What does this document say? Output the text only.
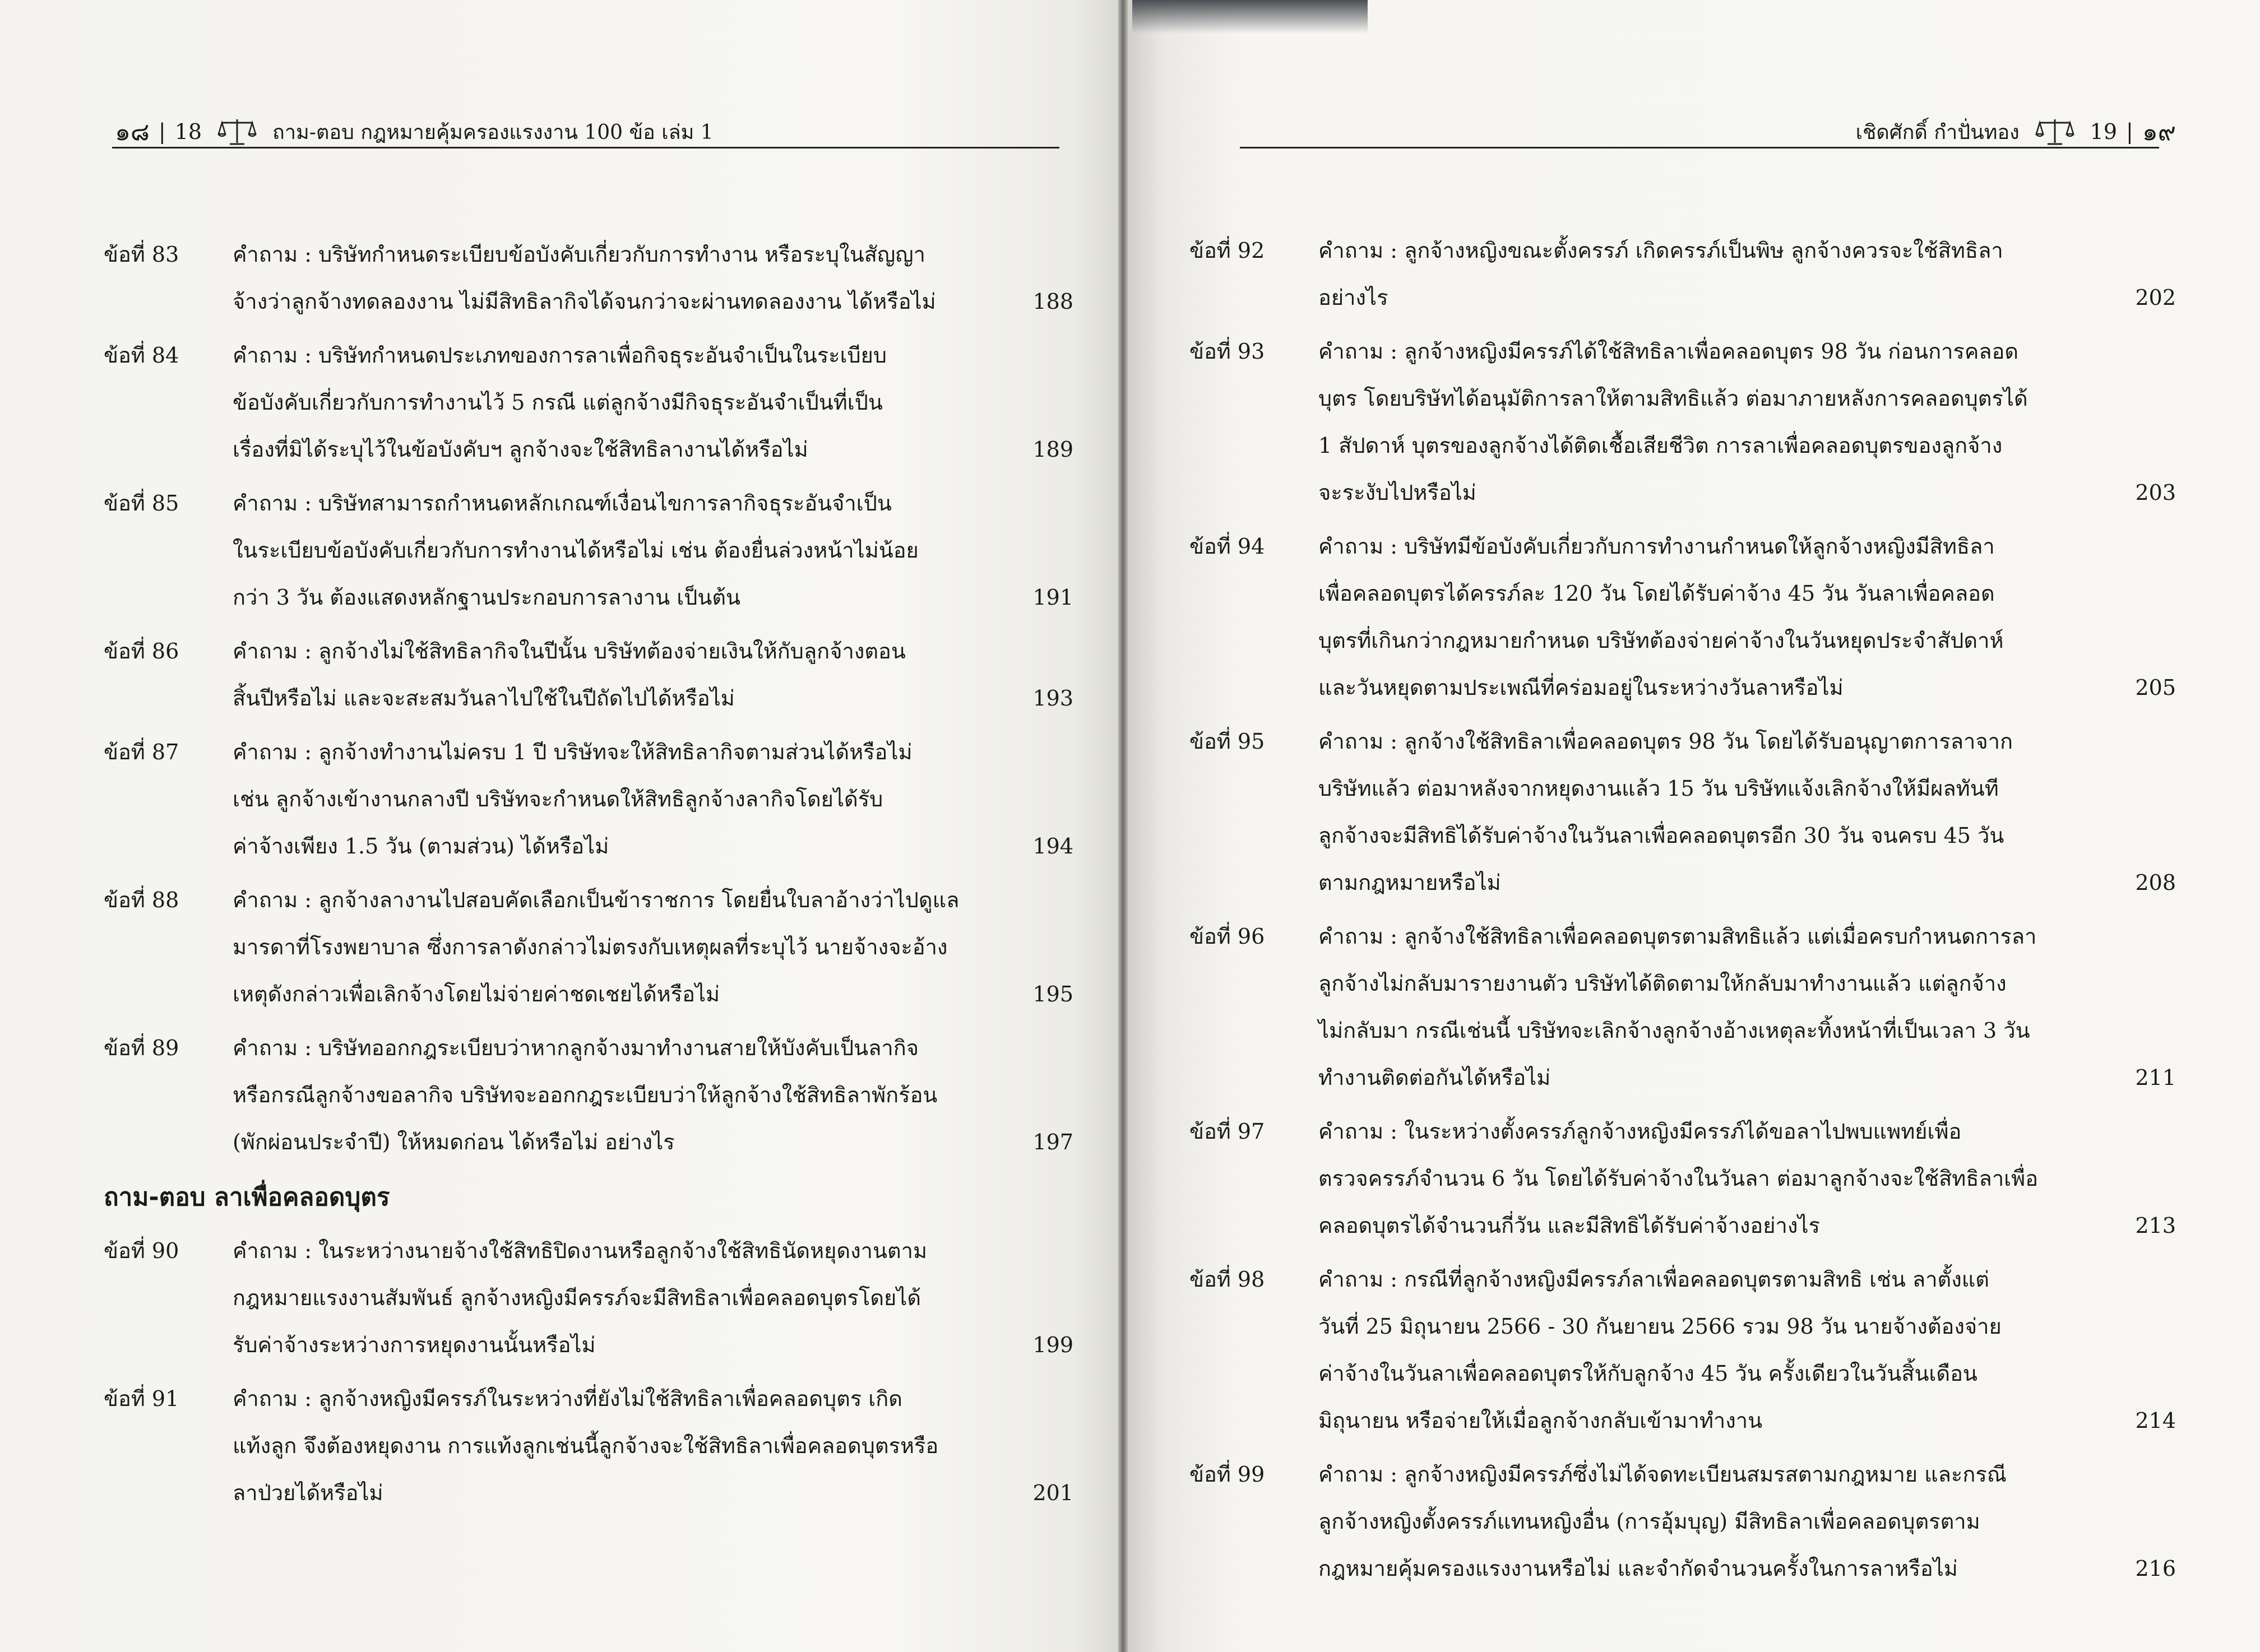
๑๘ | 18	ถาม-ตอบ กฎหมายคุ้มครองแรงงาน 100 ข้อ เล่ม 1
ข้อที่ 83	คำถาม : บริษัทกำหนดระเบียบข้อบังคับเกี่ยวกับการทำงาน หรือระบุในสัญญา
จ้างว่าลูกจ้างทดลองงาน ไม่มีสิทธิลากิจได้จนกว่าจะผ่านทดลองงาน ได้หรือไม่	188
ข้อที่ 84	คำถาม : บริษัทกำหนดประเภทของการลาเพื่อกิจธุระอันจำเป็นในระเบียบ
ข้อบังคับเกี่ยวกับการทำงานไว้ 5 กรณี แต่ลูกจ้างมีกิจธุระอันจำเป็นที่เป็น
เรื่องที่มิได้ระบุไว้ในข้อบังคับฯ ลูกจ้างจะใช้สิทธิลางานได้หรือไม่	189
ข้อที่ 85	คำถาม : บริษัทสามารถกำหนดหลักเกณฑ์เงื่อนไขการลากิจธุระอันจำเป็น
ในระเบียบข้อบังคับเกี่ยวกับการทำงานได้หรือไม่ เช่น ต้องยื่นล่วงหน้าไม่น้อย
กว่า 3 วัน ต้องแสดงหลักฐานประกอบการลางาน เป็นต้น	191
ข้อที่ 86	คำถาม : ลูกจ้างไม่ใช้สิทธิลากิจในปีนั้น บริษัทต้องจ่ายเงินให้กับลูกจ้างตอน
สิ้นปีหรือไม่ และจะสะสมวันลาไปใช้ในปีถัดไปได้หรือไม่	193
ข้อที่ 87	คำถาม : ลูกจ้างทำงานไม่ครบ 1 ปี บริษัทจะให้สิทธิลากิจตามส่วนได้หรือไม่
เช่น ลูกจ้างเข้างานกลางปี บริษัทจะกำหนดให้สิทธิลูกจ้างลากิจโดยได้รับ
ค่าจ้างเพียง 1.5 วัน (ตามส่วน) ได้หรือไม่	194
ข้อที่ 88	คำถาม : ลูกจ้างลางานไปสอบคัดเลือกเป็นข้าราชการ โดยยื่นใบลาอ้างว่าไปดูแล
มารดาที่โรงพยาบาล ซึ่งการลาดังกล่าวไม่ตรงกับเหตุผลที่ระบุไว้ นายจ้างจะอ้าง
เหตุดังกล่าวเพื่อเลิกจ้างโดยไม่จ่ายค่าชดเชยได้หรือไม่	195
ข้อที่ 89	คำถาม : บริษัทออกกฎระเบียบว่าหากลูกจ้างมาทำงานสายให้บังคับเป็นลากิจ
หรือกรณีลูกจ้างขอลากิจ บริษัทจะออกกฎระเบียบว่าให้ลูกจ้างใช้สิทธิลาพักร้อน
(พักผ่อนประจำปี) ให้หมดก่อน ได้หรือไม่ อย่างไร	197
ถาม-ตอบ ลาเพื่อคลอดบุตร
ข้อที่ 90	คำถาม : ในระหว่างนายจ้างใช้สิทธิปิดงานหรือลูกจ้างใช้สิทธินัดหยุดงานตาม
กฎหมายแรงงานสัมพันธ์ ลูกจ้างหญิงมีครรภ์จะมีสิทธิลาเพื่อคลอดบุตรโดยได้
รับค่าจ้างระหว่างการหยุดงานนั้นหรือไม่	199
ข้อที่ 91	คำถาม : ลูกจ้างหญิงมีครรภ์ในระหว่างที่ยังไม่ใช้สิทธิลาเพื่อคลอดบุตร เกิด
แท้งลูก จึงต้องหยุดงาน การแท้งลูกเช่นนี้ลูกจ้างจะใช้สิทธิลาเพื่อคลอดบุตรหรือ
ลาป่วยได้หรือไม่	201
เชิดศักดิ์ กำปั่นทอง	19 | ๑๙
ข้อที่ 92	คำถาม : ลูกจ้างหญิงขณะตั้งครรภ์ เกิดครรภ์เป็นพิษ ลูกจ้างควรจะใช้สิทธิลา
อย่างไร	202
ข้อที่ 93	คำถาม : ลูกจ้างหญิงมีครรภ์ได้ใช้สิทธิลาเพื่อคลอดบุตร 98 วัน ก่อนการคลอด
บุตร โดยบริษัทได้อนุมัติการลาให้ตามสิทธิแล้ว ต่อมาภายหลังการคลอดบุตรได้
1 สัปดาห์ บุตรของลูกจ้างได้ติดเชื้อเสียชีวิต การลาเพื่อคลอดบุตรของลูกจ้าง
จะระงับไปหรือไม่	203
ข้อที่ 94	คำถาม : บริษัทมีข้อบังคับเกี่ยวกับการทำงานกำหนดให้ลูกจ้างหญิงมีสิทธิลา
เพื่อคลอดบุตรได้ครรภ์ละ 120 วัน โดยได้รับค่าจ้าง 45 วัน วันลาเพื่อคลอด
บุตรที่เกินกว่ากฎหมายกำหนด บริษัทต้องจ่ายค่าจ้างในวันหยุดประจำสัปดาห์
และวันหยุดตามประเพณีที่คร่อมอยู่ในระหว่างวันลาหรือไม่	205
ข้อที่ 95	คำถาม : ลูกจ้างใช้สิทธิลาเพื่อคลอดบุตร 98 วัน โดยได้รับอนุญาตการลาจาก
บริษัทแล้ว ต่อมาหลังจากหยุดงานแล้ว 15 วัน บริษัทแจ้งเลิกจ้างให้มีผลทันที
ลูกจ้างจะมีสิทธิได้รับค่าจ้างในวันลาเพื่อคลอดบุตรอีก 30 วัน จนครบ 45 วัน
ตามกฎหมายหรือไม่	208
ข้อที่ 96	คำถาม : ลูกจ้างใช้สิทธิลาเพื่อคลอดบุตรตามสิทธิแล้ว แต่เมื่อครบกำหนดการลา
ลูกจ้างไม่กลับมารายงานตัว บริษัทได้ติดตามให้กลับมาทำงานแล้ว แต่ลูกจ้าง
ไม่กลับมา กรณีเช่นนี้ บริษัทจะเลิกจ้างลูกจ้างอ้างเหตุละทิ้งหน้าที่เป็นเวลา 3 วัน
ทำงานติดต่อกันได้หรือไม่	211
ข้อที่ 97	คำถาม : ในระหว่างตั้งครรภ์ลูกจ้างหญิงมีครรภ์ได้ขอลาไปพบแพทย์เพื่อ
ตรวจครรภ์จำนวน 6 วัน โดยได้รับค่าจ้างในวันลา ต่อมาลูกจ้างจะใช้สิทธิลาเพื่อ
คลอดบุตรได้จำนวนกี่วัน และมีสิทธิได้รับค่าจ้างอย่างไร	213
ข้อที่ 98	คำถาม : กรณีที่ลูกจ้างหญิงมีครรภ์ลาเพื่อคลอดบุตรตามสิทธิ เช่น ลาตั้งแต่
วันที่ 25 มิถุนายน 2566 - 30 กันยายน 2566 รวม 98 วัน นายจ้างต้องจ่าย
ค่าจ้างในวันลาเพื่อคลอดบุตรให้กับลูกจ้าง 45 วัน ครั้งเดียวในวันสิ้นเดือน
มิถุนายน หรือจ่ายให้เมื่อลูกจ้างกลับเข้ามาทำงาน	214
ข้อที่ 99	คำถาม : ลูกจ้างหญิงมีครรภ์ซึ่งไม่ได้จดทะเบียนสมรสตามกฎหมาย และกรณี
ลูกจ้างหญิงตั้งครรภ์แทนหญิงอื่น (การอุ้มบุญ) มีสิทธิลาเพื่อคลอดบุตรตาม
กฎหมายคุ้มครองแรงงานหรือไม่ และจำกัดจำนวนครั้งในการลาหรือไม่	216
